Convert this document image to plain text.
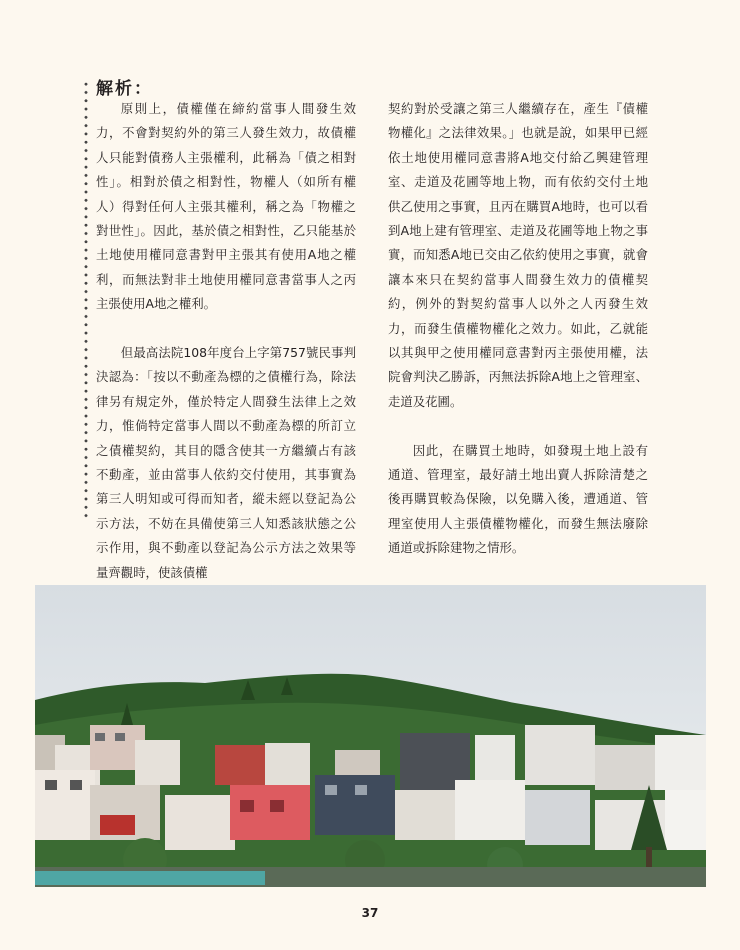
解析：

原則上，債權僅在締約當事人間發生效力，不會對契約外的第三人發生效力，故債權人只能對債務人主張權利，此稱為「債之相對性」。相對於債之相對性，物權人（如所有權人）得對任何人主張其權利，稱之為「物權之對世性」。因此，基於債之相對性，乙只能基於土地使用權同意書對甲主張其有使用A地之權利，而無法對非土地使用權同意書當事人之丙主張使用A地之權利。

但最高法院108年度台上字第757號民事判決認為：「按以不動產為標的之債權行為，除法律另有規定外，僅於特定人間發生法律上之效力，惟倘特定當事人間以不動產為標的所訂立之債權契約，其目的隱含使其一方繼續占有該不動產，並由當事人依約交付使用，其事實為第三人明知或可得而知者，縱未經以登記為公示方法，不妨在具備使第三人知悉該狀態之公示作用，與不動產以登記為公示方法之效果等量齊觀時，使該債權

契約對於受讓之第三人繼續存在，產生『債權物權化』之法律效果。」也就是說，如果甲已經依土地使用權同意書將A地交付給乙興建管理室、走道及花圃等地上物，而有依約交付土地供乙使用之事實，且丙在購買A地時，也可以看到A地上建有管理室、走道及花圃等地上物之事實，而知悉A地已交由乙依約使用之事實，就會讓本來只在契約當事人間發生效力的債權契約，例外的對契約當事人以外之人丙發生效力，而發生債權物權化之效力。如此，乙就能以其與甲之使用權同意書對丙主張使用權，法院會判決乙勝訴，丙無法拆除A地上之管理室、走道及花圃。

因此，在購買土地時，如發現土地上設有通道、管理室，最好請土地出賣人拆除清楚之後再購買較為保險，以免購入後，遭通道、管理室使用人主張債權物權化，而發生無法廢除通道或拆除建物之情形。

37
